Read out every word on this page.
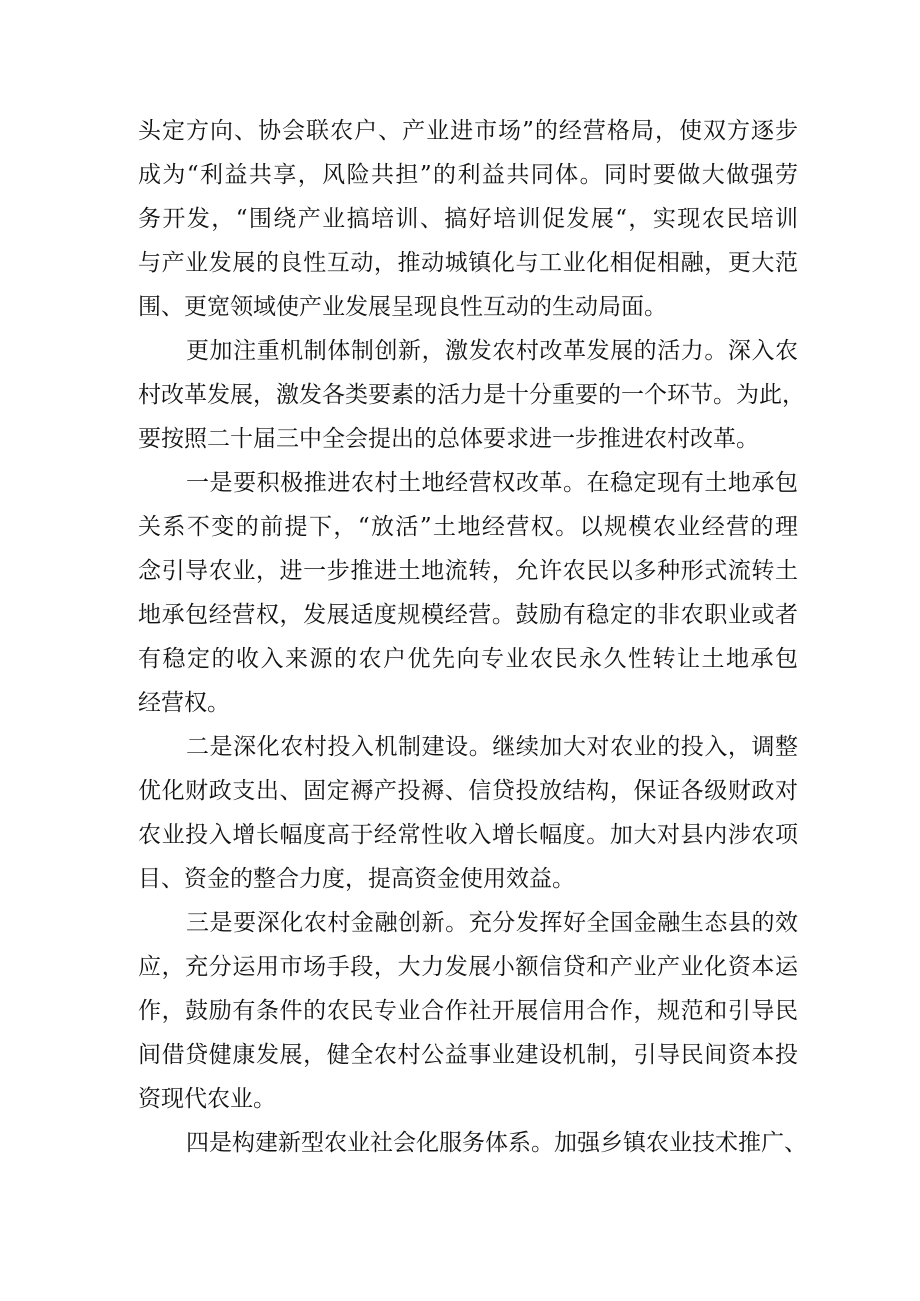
头定方向、协会联农户、产业进市场”的经营格局，使双方逐步
成为“利益共享，风险共担”的利益共同体。同时要做大做强劳
务开发，“围绕产业搞培训、搞好培训促发展“，实现农民培训
与产业发展的良性互动，推动城镇化与工业化相促相融，更大范
围、更宽领域使产业发展呈现良性互动的生动局面。
更加注重机制体制创新，激发农村改革发展的活力。深入农
村改革发展，激发各类要素的活力是十分重要的一个环节。为此，
要按照二十届三中全会提出的总体要求进一步推进农村改革。
一是要积极推进农村土地经营权改革。在稳定现有土地承包
关系不变的前提下，“放活”土地经营权。以规模农业经营的理
念引导农业，进一步推进土地流转，允许农民以多种形式流转土
地承包经营权，发展适度规模经营。鼓励有稳定的非农职业或者
有稳定的收入来源的农户优先向专业农民永久性转让土地承包
经营权。
二是深化农村投入机制建设。继续加大对农业的投入，调整
优化财政支出、固定褥产投褥、信贷投放结构，保证各级财政对
农业投入增长幅度高于经常性收入增长幅度。加大对县内涉农项
目、资金的整合力度，提高资金使用效益。
三是要深化农村金融创新。充分发挥好全国金融生态县的效
应，充分运用市场手段，大力发展小额信贷和产业产业化资本运
作，鼓励有条件的农民专业合作社开展信用合作，规范和引导民
间借贷健康发展，健全农村公益事业建设机制，引导民间资本投
资现代农业。
四是构建新型农业社会化服务体系。加强乡镇农业技术推广、
